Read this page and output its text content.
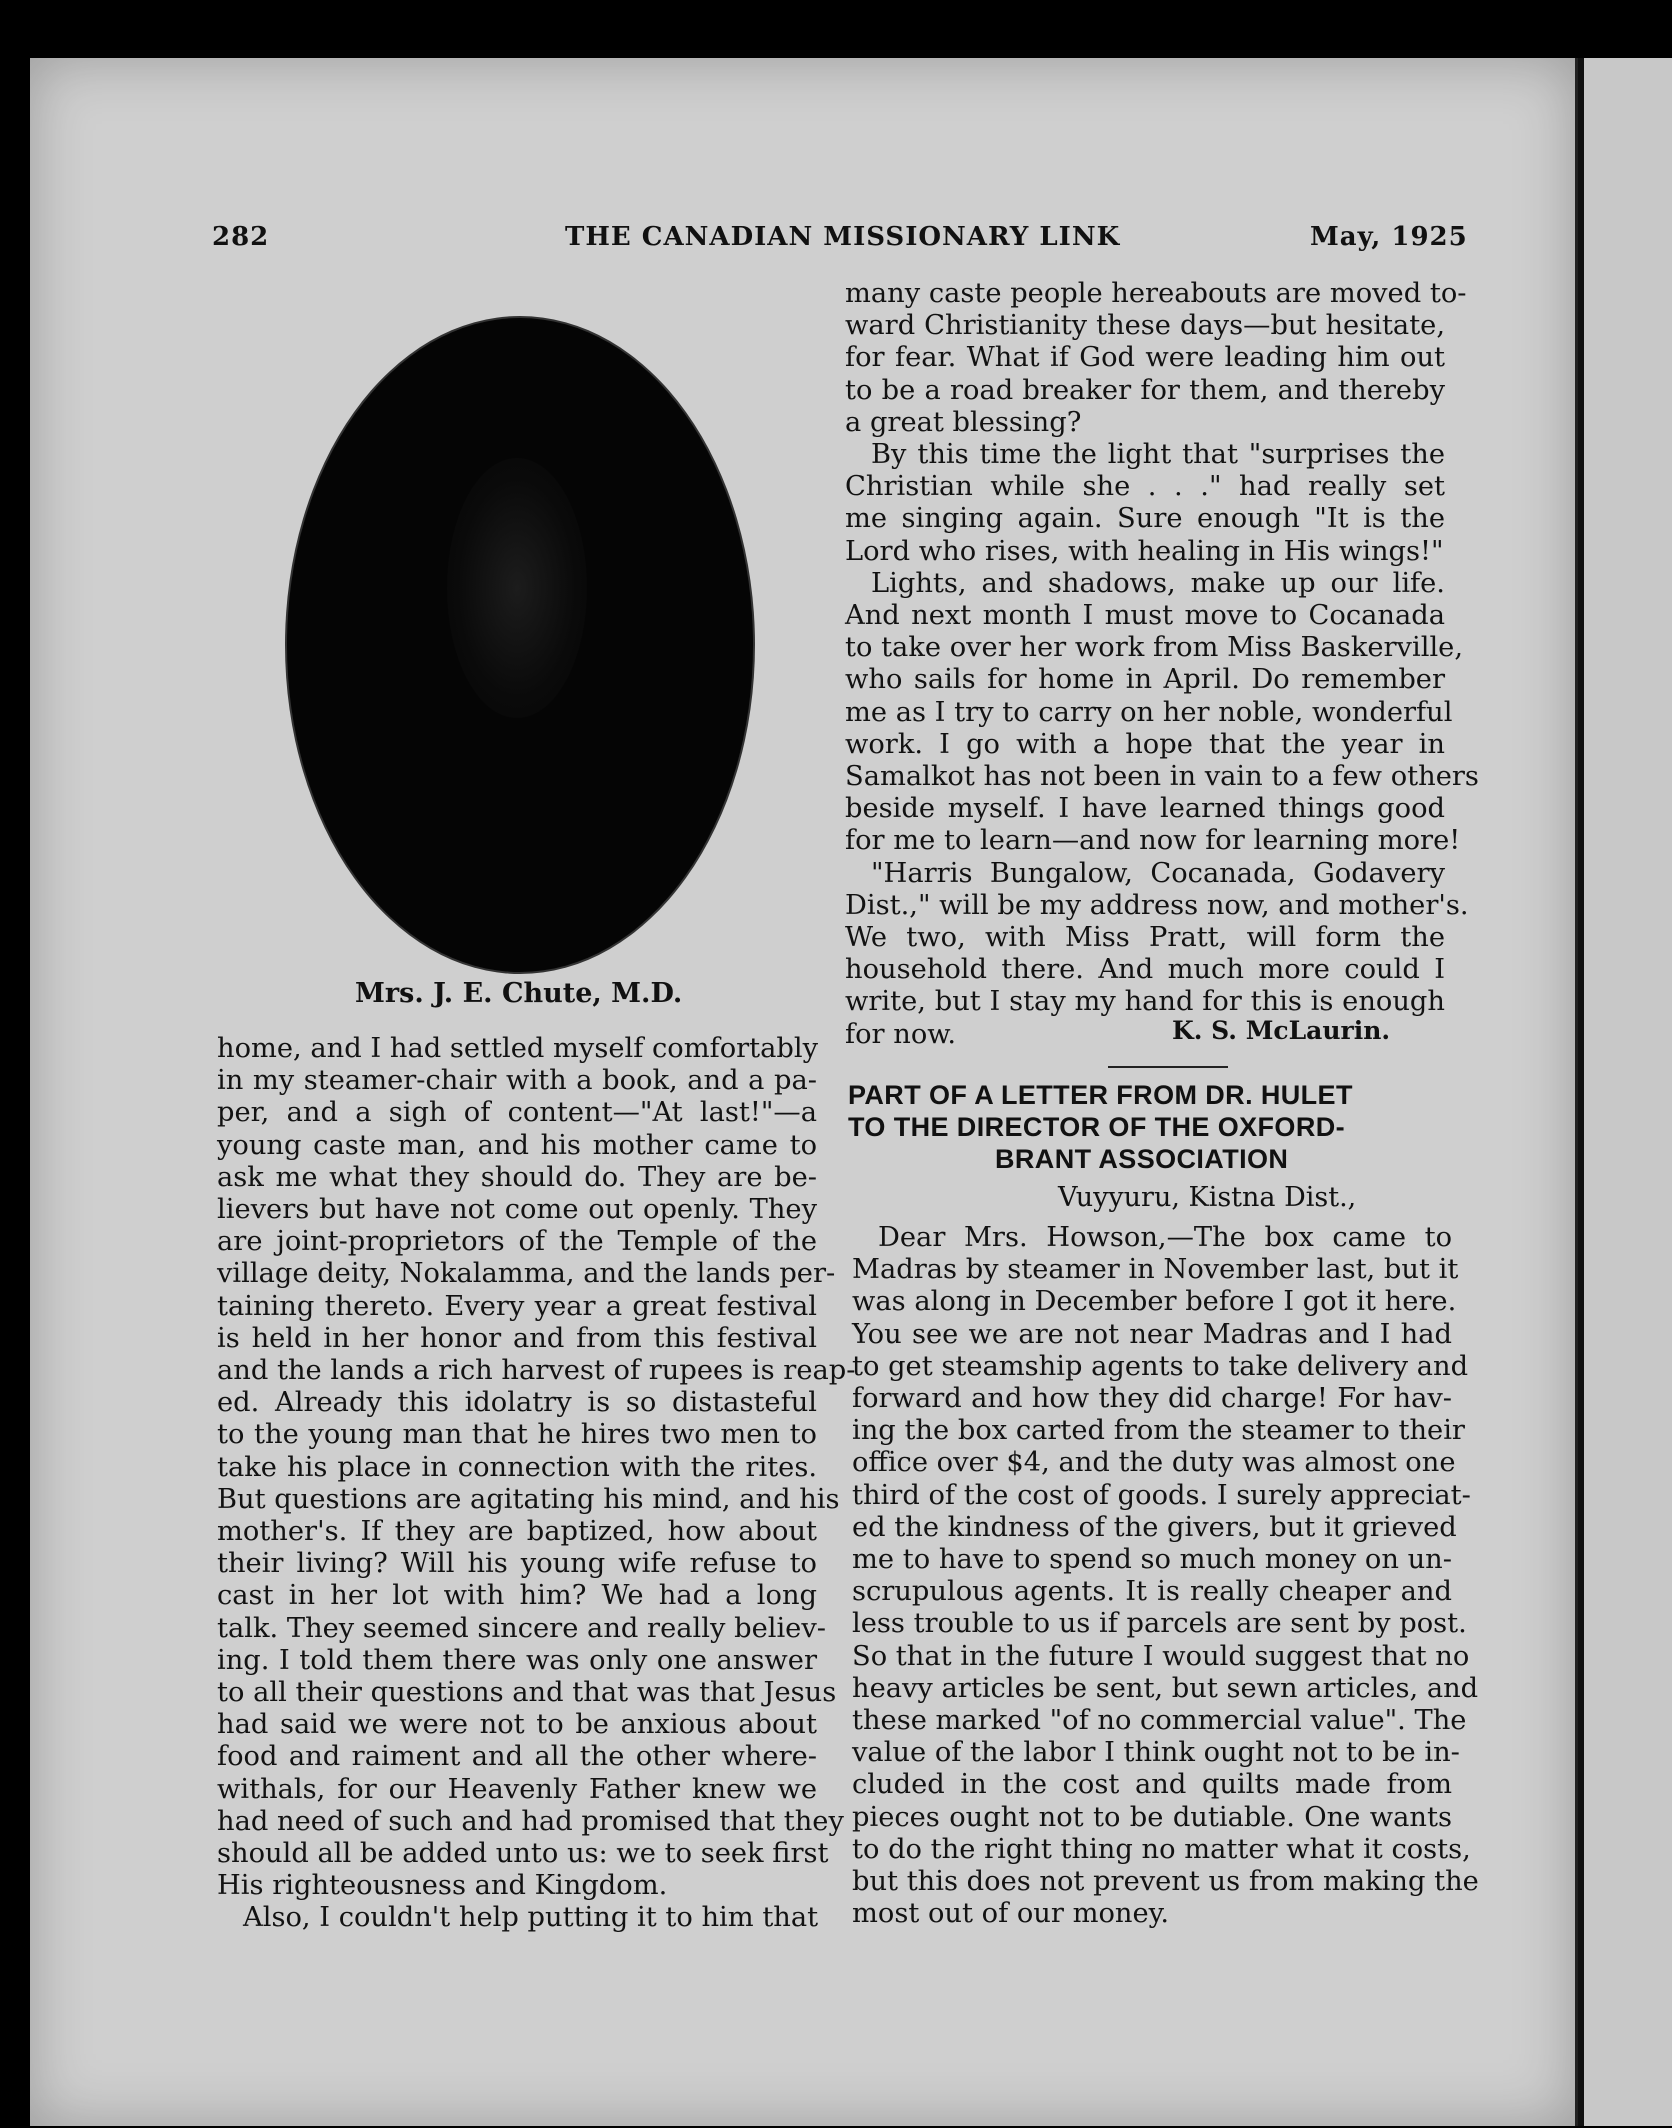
282	THE CANADIAN MISSIONARY LINK	May, 1925
Mrs. J. E. Chute, M.D.
home, and I had settled myself comfortably
in my steamer-chair with a book, and a pa-
per, and a sigh of content—"At last!"—a
young caste man, and his mother came to
ask me what they should do. They are be-
lievers but have not come out openly. They
are joint-proprietors of the Temple of the
village deity, Nokalamma, and the lands per-
taining thereto. Every year a great festival
is held in her honor and from this festival
and the lands a rich harvest of rupees is reap-
ed. Already this idolatry is so distasteful
to the young man that he hires two men to
take his place in connection with the rites.
But questions are agitating his mind, and his
mother's. If they are baptized, how about
their living? Will his young wife refuse to
cast in her lot with him? We had a long
talk. They seemed sincere and really believ-
ing. I told them there was only one answer
to all their questions and that was that Jesus
had said we were not to be anxious about
food and raiment and all the other where-
withals, for our Heavenly Father knew we
had need of such and had promised that they
should all be added unto us: we to seek first
His righteousness and Kingdom.
Also, I couldn't help putting it to him that
many caste people hereabouts are moved to-
ward Christianity these days—but hesitate,
for fear. What if God were leading him out
to be a road breaker for them, and thereby
a great blessing?
By this time the light that "surprises the
Christian while she . . ." had really set
me singing again. Sure enough "It is the
Lord who rises, with healing in His wings!"
Lights, and shadows, make up our life.
And next month I must move to Cocanada
to take over her work from Miss Baskerville,
who sails for home in April. Do remember
me as I try to carry on her noble, wonderful
work. I go with a hope that the year in
Samalkot has not been in vain to a few others
beside myself. I have learned things good
for me to learn—and now for learning more!
"Harris Bungalow, Cocanada, Godavery
Dist.," will be my address now, and mother's.
We two, with Miss Pratt, will form the
household there. And much more could I
write, but I stay my hand for this is enough
for now.	K. S. McLaurin.
PART OF A LETTER FROM DR. HULET
TO THE DIRECTOR OF THE OXFORD-
BRANT ASSOCIATION
Vuyyuru, Kistna Dist.,
Dear Mrs. Howson,—The box came to
Madras by steamer in November last, but it
was along in December before I got it here.
You see we are not near Madras and I had
to get steamship agents to take delivery and
forward and how they did charge! For hav-
ing the box carted from the steamer to their
office over $4, and the duty was almost one
third of the cost of goods. I surely appreciat-
ed the kindness of the givers, but it grieved
me to have to spend so much money on un-
scrupulous agents. It is really cheaper and
less trouble to us if parcels are sent by post.
So that in the future I would suggest that no
heavy articles be sent, but sewn articles, and
these marked "of no commercial value". The
value of the labor I think ought not to be in-
cluded in the cost and quilts made from
pieces ought not to be dutiable. One wants
to do the right thing no matter what it costs,
but this does not prevent us from making the
most out of our money.
